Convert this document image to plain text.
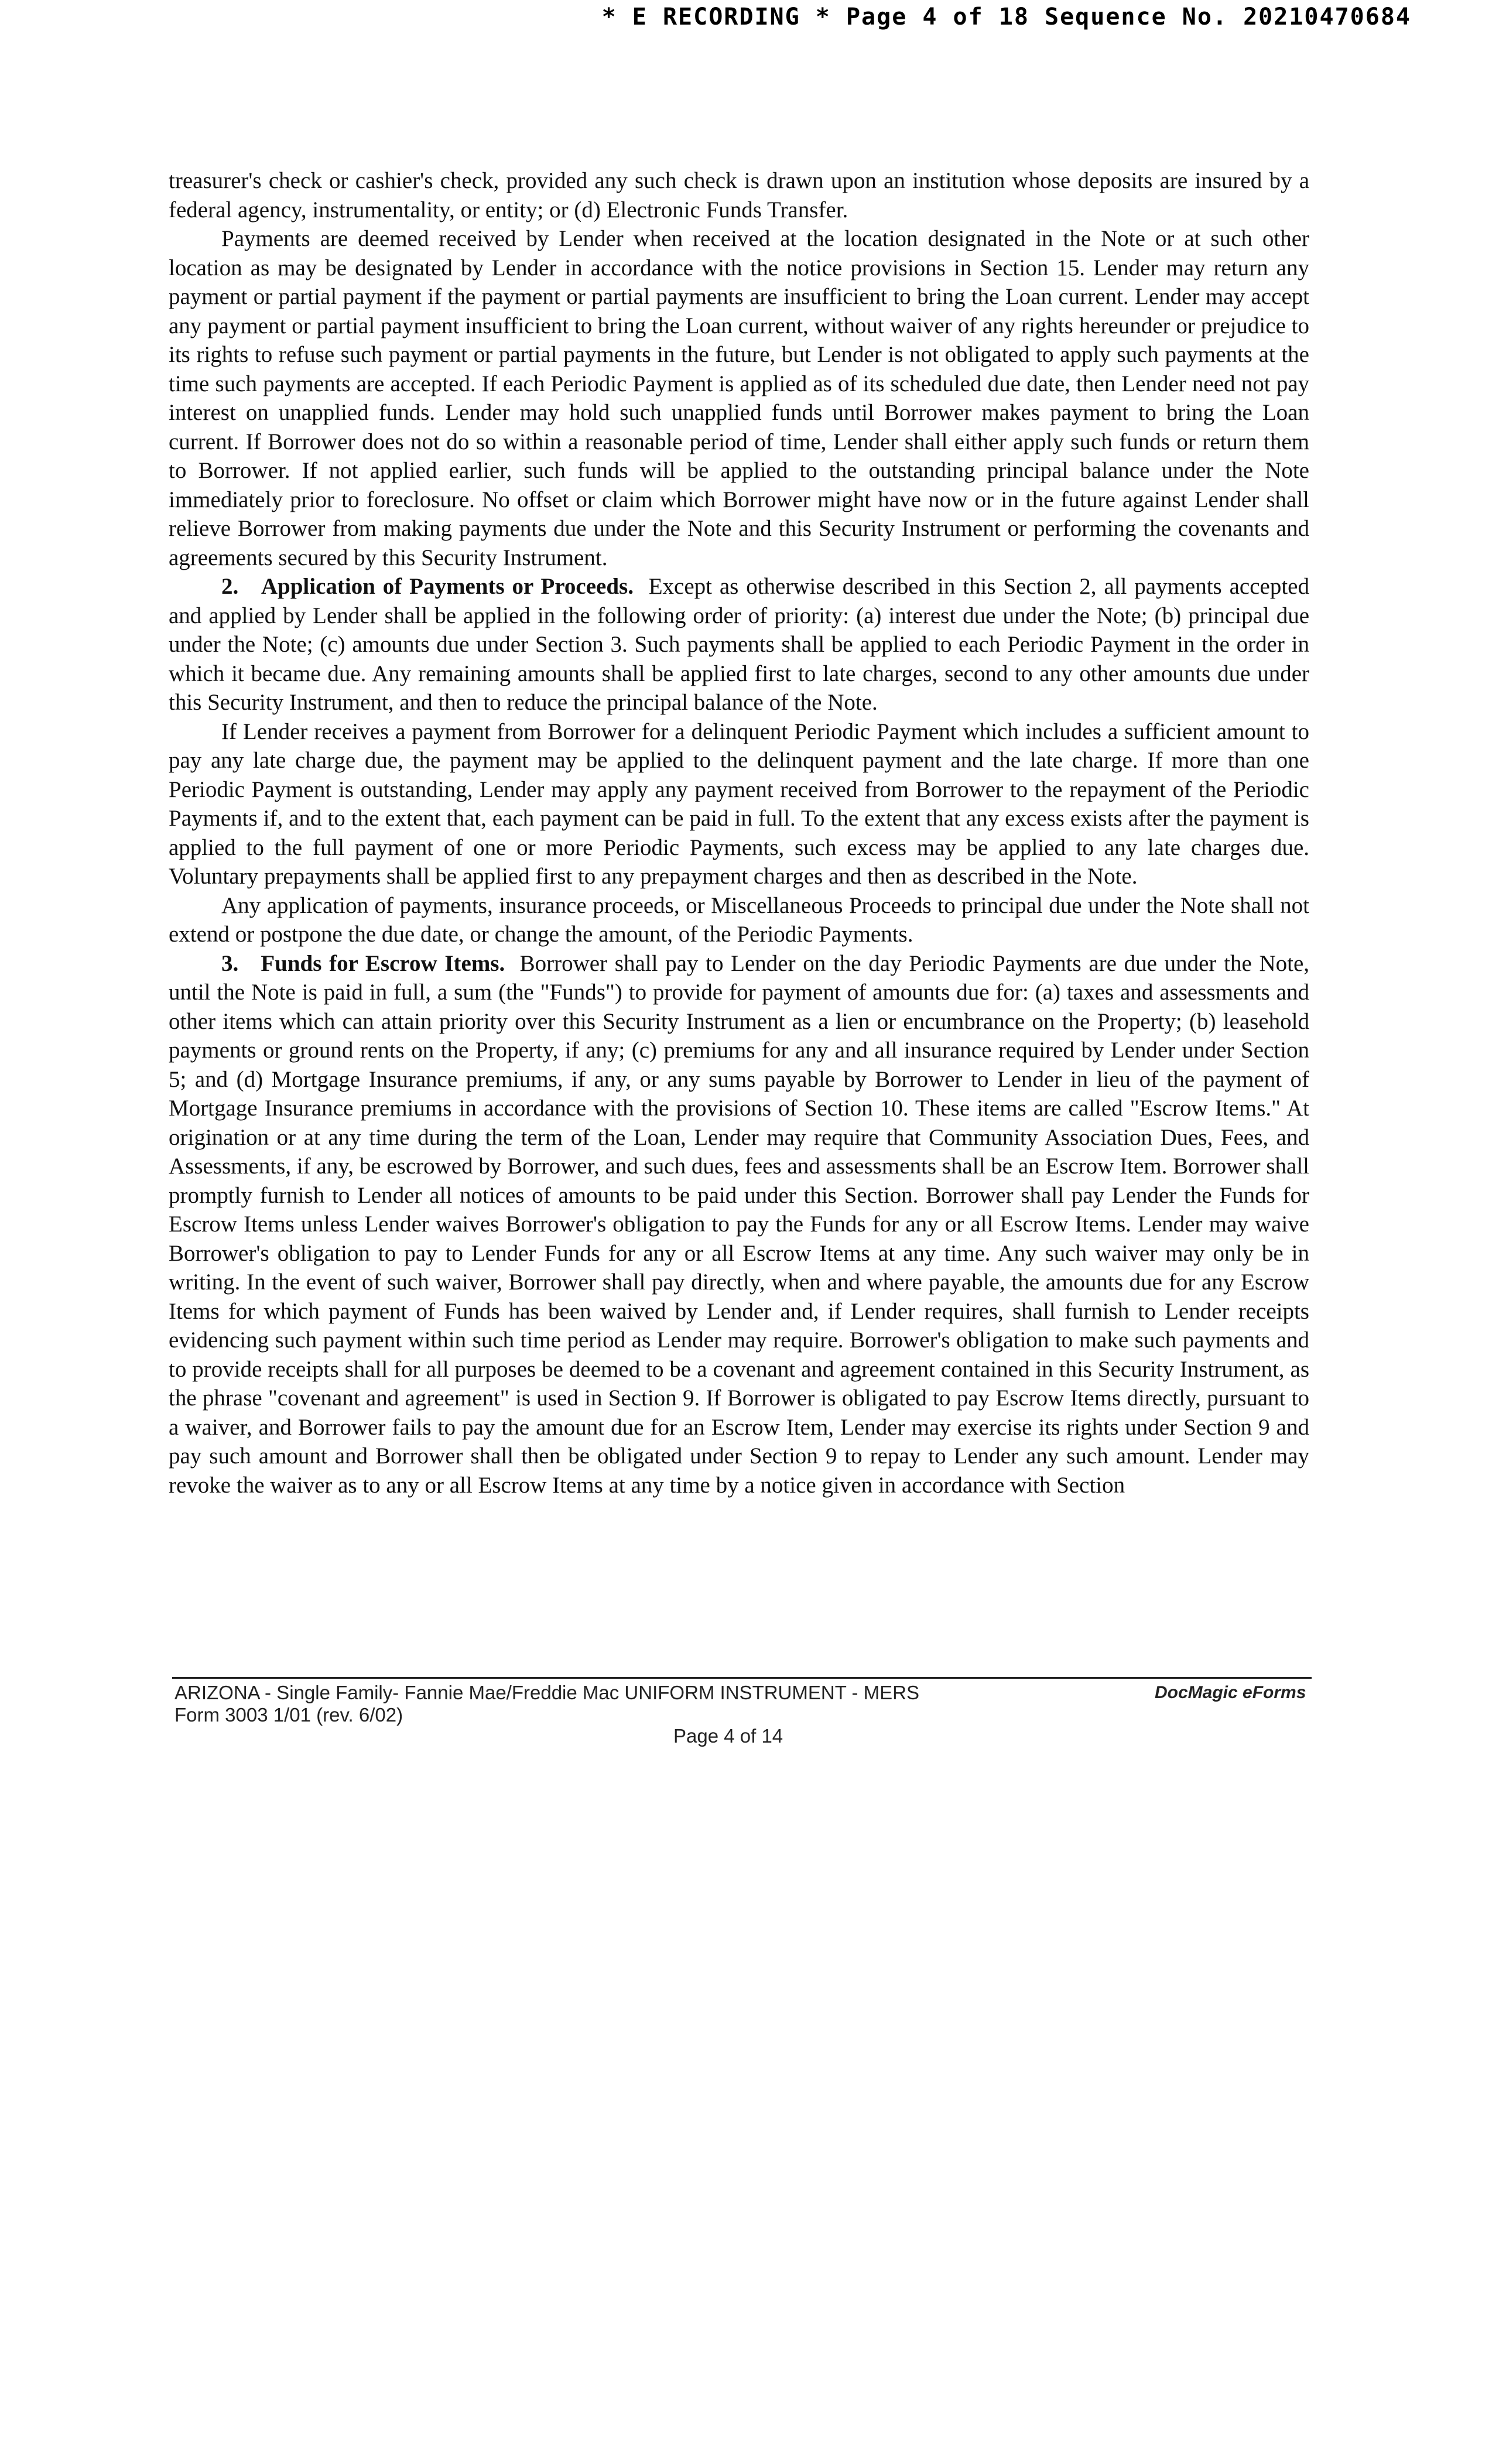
* E RECORDING * Page 4 of 18 Sequence No. 20210470684

treasurer's check or cashier's check, provided any such check is drawn upon an institution whose deposits are insured by a federal agency, instrumentality, or entity; or (d) Electronic Funds Transfer.

Payments are deemed received by Lender when received at the location designated in the Note or at such other location as may be designated by Lender in accordance with the notice provisions in Section 15. Lender may return any payment or partial payment if the payment or partial payments are insufficient to bring the Loan current. Lender may accept any payment or partial payment insufficient to bring the Loan current, without waiver of any rights hereunder or prejudice to its rights to refuse such payment or partial payments in the future, but Lender is not obligated to apply such payments at the time such payments are accepted. If each Periodic Payment is applied as of its scheduled due date, then Lender need not pay interest on unapplied funds. Lender may hold such unapplied funds until Borrower makes payment to bring the Loan current. If Borrower does not do so within a reasonable period of time, Lender shall either apply such funds or return them to Borrower. If not applied earlier, such funds will be applied to the outstanding principal balance under the Note immediately prior to foreclosure. No offset or claim which Borrower might have now or in the future against Lender shall relieve Borrower from making payments due under the Note and this Security Instrument or performing the covenants and agreements secured by this Security Instrument.

2. Application of Payments or Proceeds. Except as otherwise described in this Section 2, all payments accepted and applied by Lender shall be applied in the following order of priority: (a) interest due under the Note; (b) principal due under the Note; (c) amounts due under Section 3. Such payments shall be applied to each Periodic Payment in the order in which it became due. Any remaining amounts shall be applied first to late charges, second to any other amounts due under this Security Instrument, and then to reduce the principal balance of the Note.

If Lender receives a payment from Borrower for a delinquent Periodic Payment which includes a sufficient amount to pay any late charge due, the payment may be applied to the delinquent payment and the late charge. If more than one Periodic Payment is outstanding, Lender may apply any payment received from Borrower to the repayment of the Periodic Payments if, and to the extent that, each payment can be paid in full. To the extent that any excess exists after the payment is applied to the full payment of one or more Periodic Payments, such excess may be applied to any late charges due. Voluntary prepayments shall be applied first to any prepayment charges and then as described in the Note.

Any application of payments, insurance proceeds, or Miscellaneous Proceeds to principal due under the Note shall not extend or postpone the due date, or change the amount, of the Periodic Payments.

3. Funds for Escrow Items. Borrower shall pay to Lender on the day Periodic Payments are due under the Note, until the Note is paid in full, a sum (the "Funds") to provide for payment of amounts due for: (a) taxes and assessments and other items which can attain priority over this Security Instrument as a lien or encumbrance on the Property; (b) leasehold payments or ground rents on the Property, if any; (c) premiums for any and all insurance required by Lender under Section 5; and (d) Mortgage Insurance premiums, if any, or any sums payable by Borrower to Lender in lieu of the payment of Mortgage Insurance premiums in accordance with the provisions of Section 10. These items are called "Escrow Items." At origination or at any time during the term of the Loan, Lender may require that Community Association Dues, Fees, and Assessments, if any, be escrowed by Borrower, and such dues, fees and assessments shall be an Escrow Item. Borrower shall promptly furnish to Lender all notices of amounts to be paid under this Section. Borrower shall pay Lender the Funds for Escrow Items unless Lender waives Borrower's obligation to pay the Funds for any or all Escrow Items. Lender may waive Borrower's obligation to pay to Lender Funds for any or all Escrow Items at any time. Any such waiver may only be in writing. In the event of such waiver, Borrower shall pay directly, when and where payable, the amounts due for any Escrow Items for which payment of Funds has been waived by Lender and, if Lender requires, shall furnish to Lender receipts evidencing such payment within such time period as Lender may require. Borrower's obligation to make such payments and to provide receipts shall for all purposes be deemed to be a covenant and agreement contained in this Security Instrument, as the phrase "covenant and agreement" is used in Section 9. If Borrower is obligated to pay Escrow Items directly, pursuant to a waiver, and Borrower fails to pay the amount due for an Escrow Item, Lender may exercise its rights under Section 9 and pay such amount and Borrower shall then be obligated under Section 9 to repay to Lender any such amount. Lender may revoke the waiver as to any or all Escrow Items at any time by a notice given in accordance with Section

ARIZONA - Single Family- Fannie Mae/Freddie Mac UNIFORM INSTRUMENT - MERS
Form 3003 1/01 (rev. 6/02)
DocMagic eForms
Page 4 of 14
